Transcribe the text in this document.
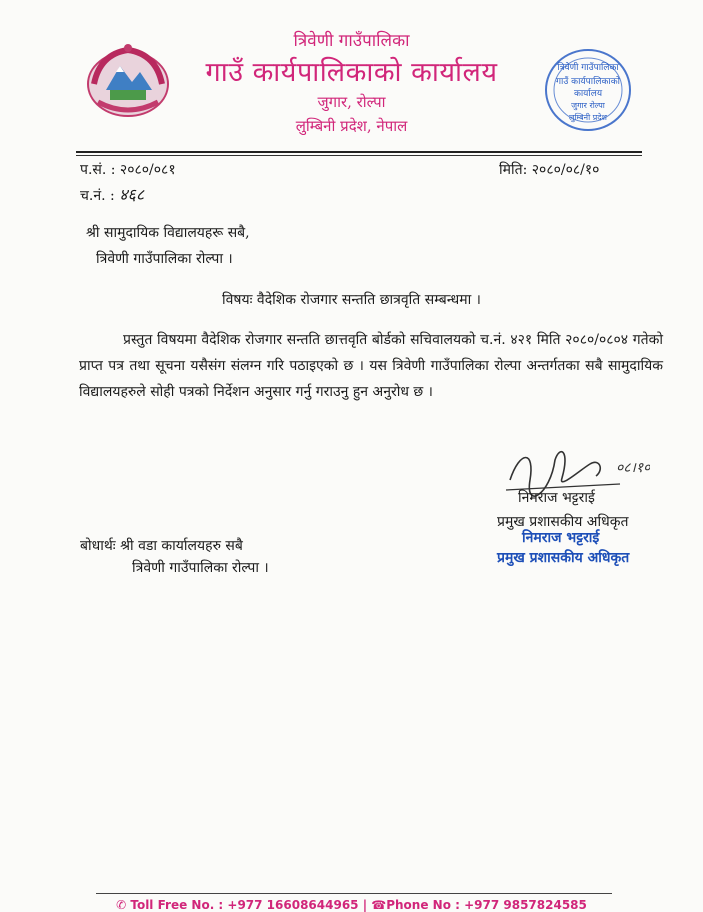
त्रिवेणी गाउँपालिका
गाउँ कार्यपालिकाको कार्यालय
जुगार, रोल्पा
लुम्बिनी प्रदेश, नेपाल
त्रिवेणी गाउँपालिका
गाउँ कार्यपालिकाको
कार्यालय
जुगार रोल्पा
लुम्बिनी प्रदेश
प.सं. : २०८०/०८१	मिति: २०८०/०८/१०
च.नं. : ४६८
श्री सामुदायिक विद्यालयहरू सबै,
त्रिवेणी गाउँपालिका रोल्पा ।
विषयः वैदेशिक रोजगार सन्तति छात्रवृति सम्बन्धमा ।
प्रस्तुत विषयमा वैदेशिक रोजगार सन्तति छात्तवृति बोर्डको सचिवालयको च.नं. ४२१ मिति २०८०/०८०४ गतेको प्राप्त पत्र तथा सूचना यसैसंग संलग्न गरि पठाइएको छ । यस त्रिवेणी गाउँपालिका रोल्पा अन्तर्गतका सबै सामुदायिक विद्यालयहरुले सोही पत्रको निर्देशन अनुसार गर्नु गराउनु हुन अनुरोध छ ।
०८।१०
निमराज भट्टराई
प्रमुख प्रशासकीय अधिकृत
निमराज भट्टराई
प्रमुख प्रशासकीय अधिकृत
बोधार्थः श्री वडा कार्यालयहरु सबै
त्रिवेणी गाउँपालिका रोल्पा ।
✆ Toll Free No. : +977 16608644965 | ☎Phone No : +977 9857824585
